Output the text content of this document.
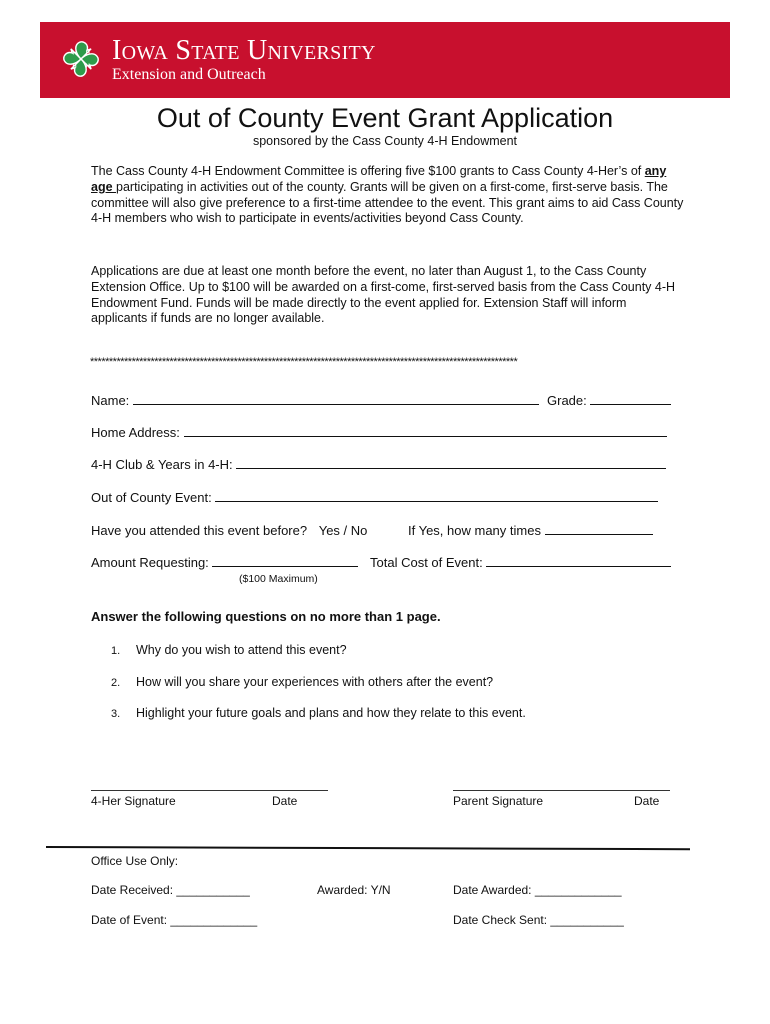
H H
H H
Iowa State University
Extension and Outreach
Out of County Event Grant Application
sponsored by the Cass County 4-H Endowment
The Cass County 4-H Endowment Committee is offering five $100 grants to Cass County 4-Her’s of any age participating in activities out of the county. Grants will be given on a first-come, first-serve basis. The committee will also give preference to a first-time attendee to the event. This grant aims to aid Cass County 4-H members who wish to participate in events/activities beyond Cass County.
Applications are due at least one month before the event, no later than August 1, to the Cass County Extension Office. Up to $100 will be awarded on a first-come, first-served basis from the Cass County 4-H Endowment Fund. Funds will be made directly to the event applied for. Extension Staff will inform applicants if funds are no longer available.
*****************************************************************************************************************
Name:	Grade:
Home Address:
4-H Club & Years in 4-H:
Out of County Event:
Have you attended this event before? Yes / No	If Yes, how many times
Amount Requesting:	Total Cost of Event:
($100 Maximum)
Answer the following questions on no more than 1 page.
1. Why do you wish to attend this event?
2. How will you share your experiences with others after the event?
3. Highlight your future goals and plans and how they relate to this event.
4-Her Signature	Date	Parent Signature	Date
Office Use Only:
Date Received: ___________	Awarded: Y/N	Date Awarded: _____________
Date of Event: _____________	Date Check Sent: ___________
